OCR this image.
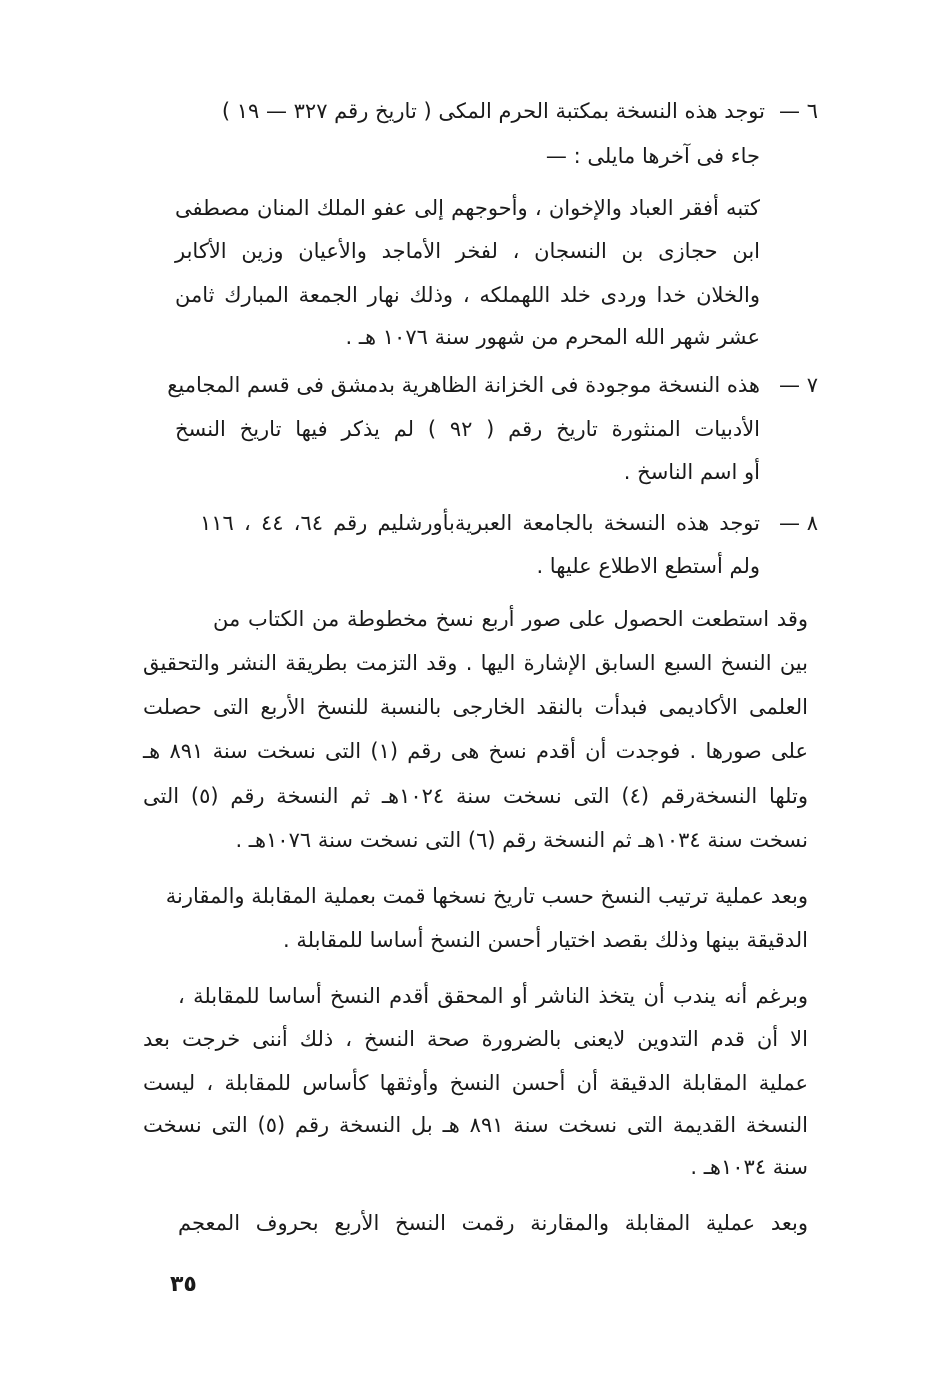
٦ —
توجد هذه النسخة بمكتبة الحرم المكى ( تاريخ رقم ٣٢٧ — ١٩ )
جاء فى آخرها مايلى : —
كتبه أفقر العباد والإخوان ، وأحوجهم إلى عفو الملك المنان مصطفى
ابن حجازى بن النسجان ، لفخر الأماجد والأعيان وزين الأكابر
والخلان خدا وردى خلد اللهملكه ، وذلك نهار الجمعة المبارك ثامن
عشر شهر الله المحرم من شهور سنة ١٠٧٦ هـ .
٧ —
هذه النسخة موجودة فى الخزانة الظاهرية بدمشق فى قسم المجاميع
الأدبيات المنثورة تاريخ رقم ( ٩٢ ) لم يذكر فيها تاريخ النسخ
أو اسم الناسخ .
٨ —
توجد هذه النسخة بالجامعة العبريةبأورشليم رقم ٦٤، ٤٤ ، ١١٦
ولم أستطع الاطلاع عليها .
وقد استطعت الحصول على صور أربع نسخ مخطوطة من الكتاب من
بين النسخ السبع السابق الإشارة اليها . وقد التزمت بطريقة النشر والتحقيق
العلمى الأكاديمى فبدأت بالنقد الخارجى بالنسبة للنسخ الأربع التى حصلت
على صورها . فوجدت أن أقدم نسخ هى رقم (١) التى نسخت سنة ٨٩١ هـ
وتلها النسخةرقم (٤) التى نسخت سنة ١٠٢٤هـ ثم النسخة رقم (٥) التى
نسخت سنة ١٠٣٤هـ ثم النسخة رقم (٦) التى نسخت سنة ١٠٧٦هـ .
وبعد عملية ترتيب النسخ حسب تاريخ نسخها قمت بعملية المقابلة والمقارنة
الدقيقة بينها وذلك بقصد اختيار أحسن النسخ أساسا للمقابلة .
وبرغم أنه يندب أن يتخذ الناشر أو المحقق أقدم النسخ أساسا للمقابلة ،
الا أن قدم التدوين لايعنى بالضرورة صحة النسخ ، ذلك أننى خرجت بعد
عملية المقابلة الدقيقة أن أحسن النسخ وأوثقها كأساس للمقابلة ، ليست
النسخة القديمة التى نسخت سنة ٨٩١ هـ بل النسخة رقم (٥) التى نسخت
سنة ١٠٣٤هـ .
وبعد عملية المقابلة والمقارنة رقمت النسخ الأربع بحروف المعجم
٣٥
